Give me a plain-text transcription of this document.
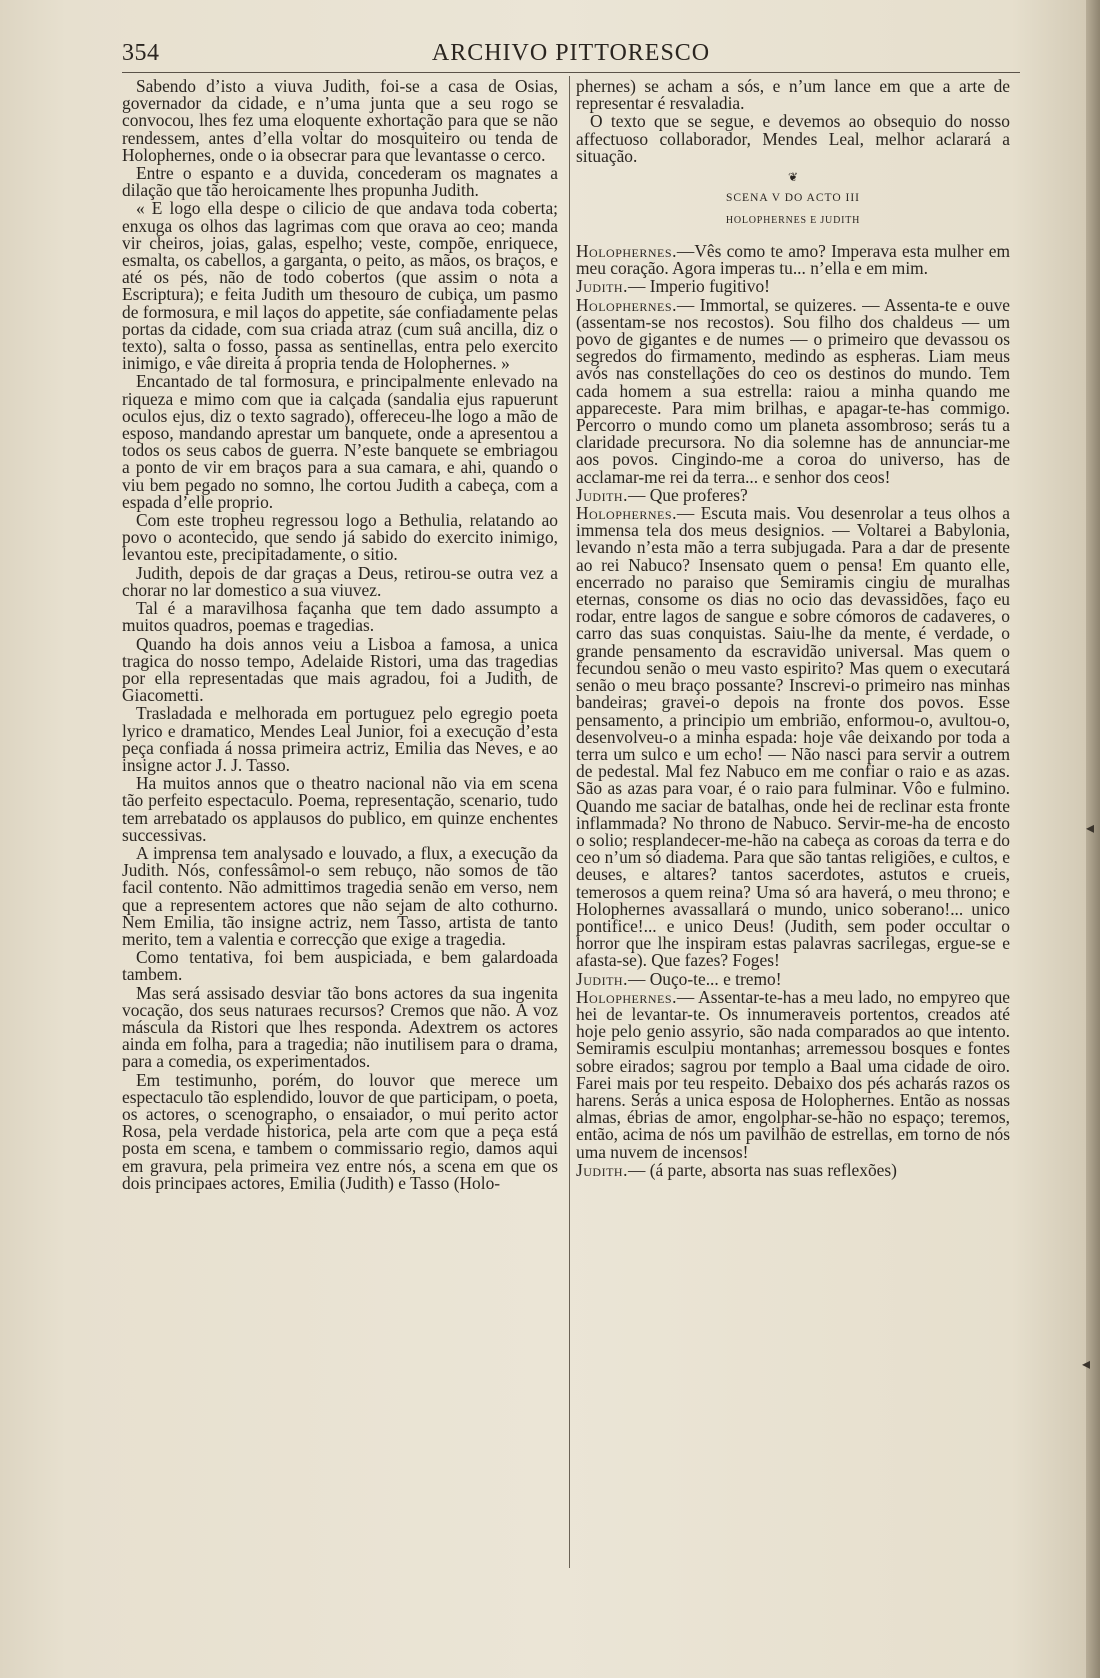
354	ARCHIVO PITTORESCO

Sabendo d’isto a viuva Judith, foi-se a casa de Osias, governador da cidade, e n’uma junta que a seu rogo se convocou, lhes fez uma eloquente exhortação para que se não rendessem, antes d’ella voltar do mosquiteiro ou tenda de Holophernes, onde o ia obsecrar para que levantasse o cerco.

Entre o espanto e a duvida, concederam os magnates a dilação que tão heroicamente lhes propunha Judith.

« E logo ella despe o cilicio de que andava toda coberta; enxuga os olhos das lagrimas com que orava ao ceo; manda vir cheiros, joias, galas, espelho; veste, compõe, enriquece, esmalta, os cabellos, a garganta, o peito, as mãos, os braços, e até os pés, não de todo cobertos (que assim o nota a Escriptura); e feita Judith um thesouro de cubiça, um pasmo de formosura, e mil laços do appetite, sáe confiadamente pelas portas da cidade, com sua criada atraz (cum suâ ancilla, diz o texto), salta o fosso, passa as sentinellas, entra pelo exercito inimigo, e vâe direita á propria tenda de Holophernes. »

Encantado de tal formosura, e principalmente enlevado na riqueza e mimo com que ia calçada (sandalia ejus rapuerunt oculos ejus, diz o texto sagrado), offereceu-lhe logo a mão de esposo, mandando aprestar um banquete, onde a apresentou a todos os seus cabos de guerra. N’este banquete se embriagou a ponto de vir em braços para a sua camara, e ahi, quando o viu bem pegado no somno, lhe cortou Judith a cabeça, com a espada d’elle proprio.

Com este tropheu regressou logo a Bethulia, relatando ao povo o acontecido, que sendo já sabido do exercito inimigo, levantou este, precipitadamente, o sitio.

Judith, depois de dar graças a Deus, retirou-se outra vez a chorar no lar domestico a sua viuvez.

Tal é a maravilhosa façanha que tem dado assumpto a muitos quadros, poemas e tragedias.

Quando ha dois annos veiu a Lisboa a famosa, a unica tragica do nosso tempo, Adelaide Ristori, uma das tragedias por ella representadas que mais agradou, foi a Judith, de Giacometti.

Trasladada e melhorada em portuguez pelo egregio poeta lyrico e dramatico, Mendes Leal Junior, foi a execução d’esta peça confiada á nossa primeira actriz, Emilia das Neves, e ao insigne actor J. J. Tasso.

Ha muitos annos que o theatro nacional não via em scena tão perfeito espectaculo. Poema, representação, scenario, tudo tem arrebatado os applausos do publico, em quinze enchentes successivas.

A imprensa tem analysado e louvado, a flux, a execução da Judith. Nós, confessâmol-o sem rebuço, não somos de tão facil contento. Não admittimos tragedia senão em verso, nem que a representem actores que não sejam de alto cothurno. Nem Emilia, tão insigne actriz, nem Tasso, artista de tanto merito, tem a valentia e correcção que exige a tragedia.

Como tentativa, foi bem auspiciada, e bem galardoada tambem.

Mas será assisado desviar tão bons actores da sua ingenita vocação, dos seus naturaes recursos? Cremos que não. A voz máscula da Ristori que lhes responda. Adextrem os actores ainda em folha, para a tragedia; não inutilisem para o drama, para a comedia, os experimentados.

Em testimunho, porém, do louvor que merece um espectaculo tão esplendido, louvor de que participam, o poeta, os actores, o scenographo, o ensaiador, o mui perito actor Rosa, pela verdade historica, pela arte com que a peça está posta em scena, e tambem o commissario regio, damos aqui em gravura, pela primeira vez entre nós, a scena em que os dois principaes actores, Emilia (Judith) e Tasso (Holo-

phernes) se acham a sós, e n’um lance em que a arte de representar é resvaladia.

O texto que se segue, e devemos ao obsequio do nosso affectuoso collaborador, Mendes Leal, melhor aclarará a situação.

❦
SCENA V DO ACTO III
HOLOPHERNES E JUDITH

Holophernes.—Vês como te amo? Imperava esta mulher em meu coração. Agora imperas tu... n’ella e em mim.

Judith.— Imperio fugitivo!

Holophernes.— Immortal, se quizeres. — Assenta-te e ouve (assentam-se nos recostos). Sou filho dos chaldeus — um povo de gigantes e de numes — o primeiro que devassou os segredos do firmamento, medindo as espheras. Liam meus avós nas constellações do ceo os destinos do mundo. Tem cada homem a sua estrella: raiou a minha quando me appareceste. Para mim brilhas, e apagar-te-has commigo. Percorro o mundo como um planeta assombroso; serás tu a claridade precursora. No dia solemne has de annunciar-me aos povos. Cingindo-me a coroa do universo, has de acclamar-me rei da terra... e senhor dos ceos!

Judith.— Que proferes?

Holophernes.— Escuta mais. Vou desenrolar a teus olhos a immensa tela dos meus designios. — Voltarei a Babylonia, levando n’esta mão a terra subjugada. Para a dar de presente ao rei Nabuco? Insensato quem o pensa! Em quanto elle, encerrado no paraiso que Semiramis cingiu de muralhas eternas, consome os dias no ocio das devassidões, faço eu rodar, entre lagos de sangue e sobre cómoros de cadaveres, o carro das suas conquistas. Saiu-lhe da mente, é verdade, o grande pensamento da escravidão universal. Mas quem o fecundou senão o meu vasto espirito? Mas quem o executará senão o meu braço possante? Inscrevi-o primeiro nas minhas bandeiras; gravei-o depois na fronte dos povos. Esse pensamento, a principio um embrião, enformou-o, avultou-o, desenvolveu-o a minha espada: hoje vâe deixando por toda a terra um sulco e um echo! — Não nasci para servir a outrem de pedestal. Mal fez Nabuco em me confiar o raio e as azas. São as azas para voar, é o raio para fulminar. Vôo e fulmino. Quando me saciar de batalhas, onde hei de reclinar esta fronte inflammada? No throno de Nabuco. Servir-me-ha de encosto o solio; resplandecer-me-hão na cabeça as coroas da terra e do ceo n’um só diadema. Para que são tantas religiões, e cultos, e deuses, e altares? tantos sacerdotes, astutos e crueis, temerosos a quem reina? Uma só ara haverá, o meu throno; e Holophernes avassallará o mundo, unico soberano!... unico pontifice!... e unico Deus! (Judith, sem poder occultar o horror que lhe inspiram estas palavras sacrilegas, ergue-se e afasta-se). Que fazes? Foges!

Judith.— Ouço-te... e tremo!

Holophernes.— Assentar-te-has a meu lado, no empyreo que hei de levantar-te. Os innumeraveis portentos, creados até hoje pelo genio assyrio, são nada comparados ao que intento. Semiramis esculpiu montanhas; arremessou bosques e fontes sobre eirados; sagrou por templo a Baal uma cidade de oiro. Farei mais por teu respeito. Debaixo dos pés acharás razos os harens. Serás a unica esposa de Holophernes. Então as nossas almas, ébrias de amor, engolphar-se-hão no espaço; teremos, então, acima de nós um pavilhão de estrellas, em torno de nós uma nuvem de incensos!

Judith.— (á parte, absorta nas suas reflexões)

◂
◂
